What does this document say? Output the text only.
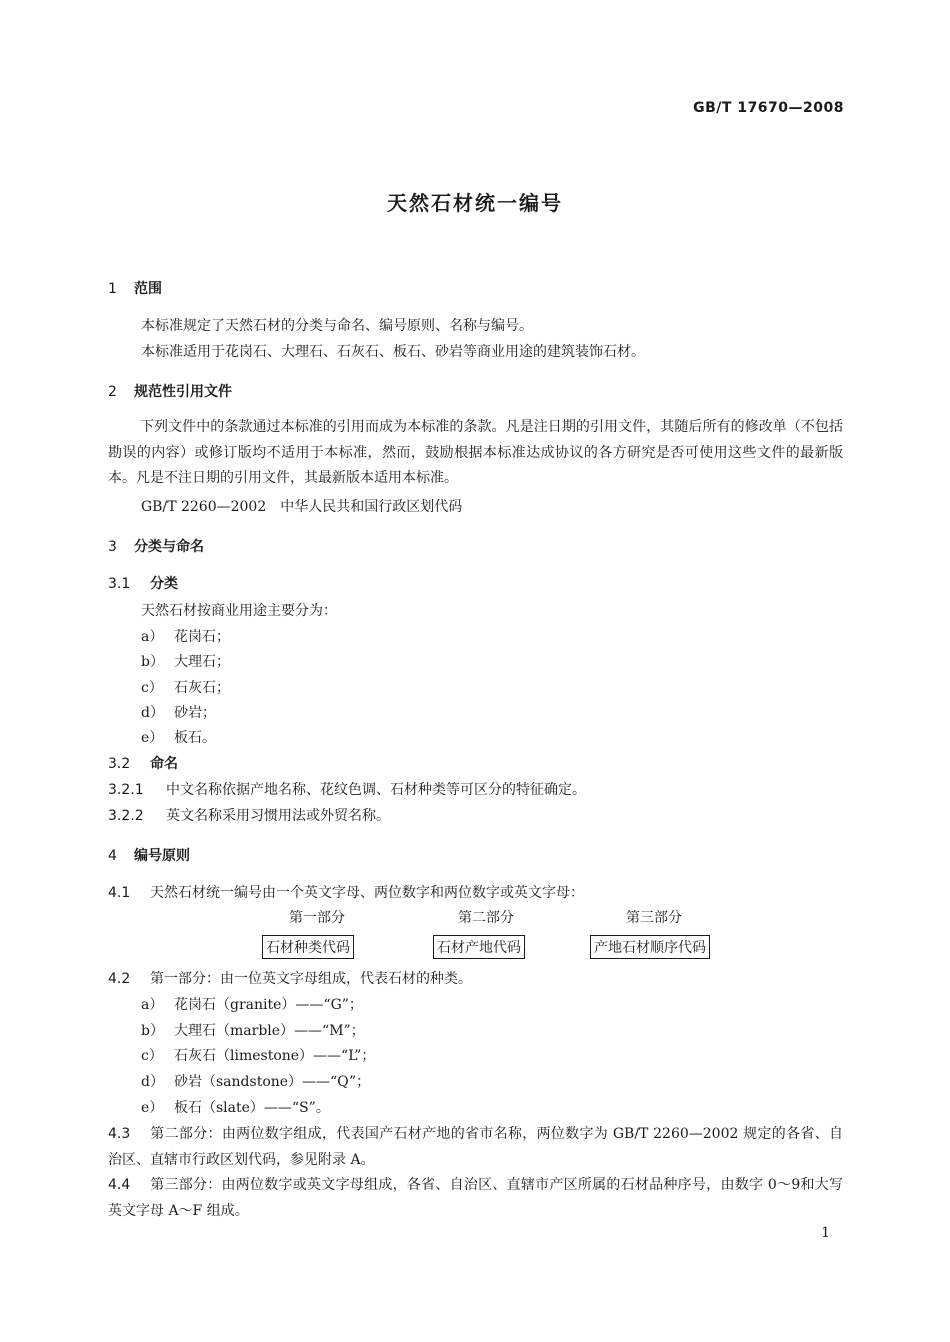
GB/T 17670—2008
天然石材统一编号
1 范围
本标准规定了天然石材的分类与命名、编号原则、名称与编号。
本标准适用于花岗石、大理石、石灰石、板石、砂岩等商业用途的建筑装饰石材。
2 规范性引用文件
下列文件中的条款通过本标准的引用而成为本标准的条款。凡是注日期的引用文件，其随后所有的修改单（不包括勘误的内容）或修订版均不适用于本标准，然而，鼓励根据本标准达成协议的各方研究是否可使用这些文件的最新版本。凡是不注日期的引用文件，其最新版本适用本标准。
GB/T 2260—2002　中华人民共和国行政区划代码
3 分类与命名
3.1 分类
天然石材按商业用途主要分为：
a） 花岗石；
b） 大理石；
c） 石灰石；
d） 砂岩；
e） 板石。
3.2 命名
3.2.1 中文名称依据产地名称、花纹色调、石材种类等可区分的特征确定。
3.2.2 英文名称采用习惯用法或外贸名称。
4 编号原则
4.1 天然石材统一编号由一个英文字母、两位数字和两位数字或英文字母：
第一部分	第二部分	第三部分
石材种类代码	石材产地代码	产地石材顺序代码
4.2 第一部分：由一位英文字母组成，代表石材的种类。
a） 花岗石（granite）——“G”；
b） 大理石（marble）——“M”；
c） 石灰石（limestone）——“L”；
d） 砂岩（sandstone）——“Q”；
e） 板石（slate）——“S”。
4.3 第二部分：由两位数字组成，代表国产石材产地的省市名称，两位数字为 GB/T 2260—2002 规定的各省、自治区、直辖市行政区划代码，参见附录 A。
4.4 第三部分：由两位数字或英文字母组成，各省、自治区、直辖市产区所属的石材品种序号，由数字 0～9和大写英文字母 A～F 组成。
1
